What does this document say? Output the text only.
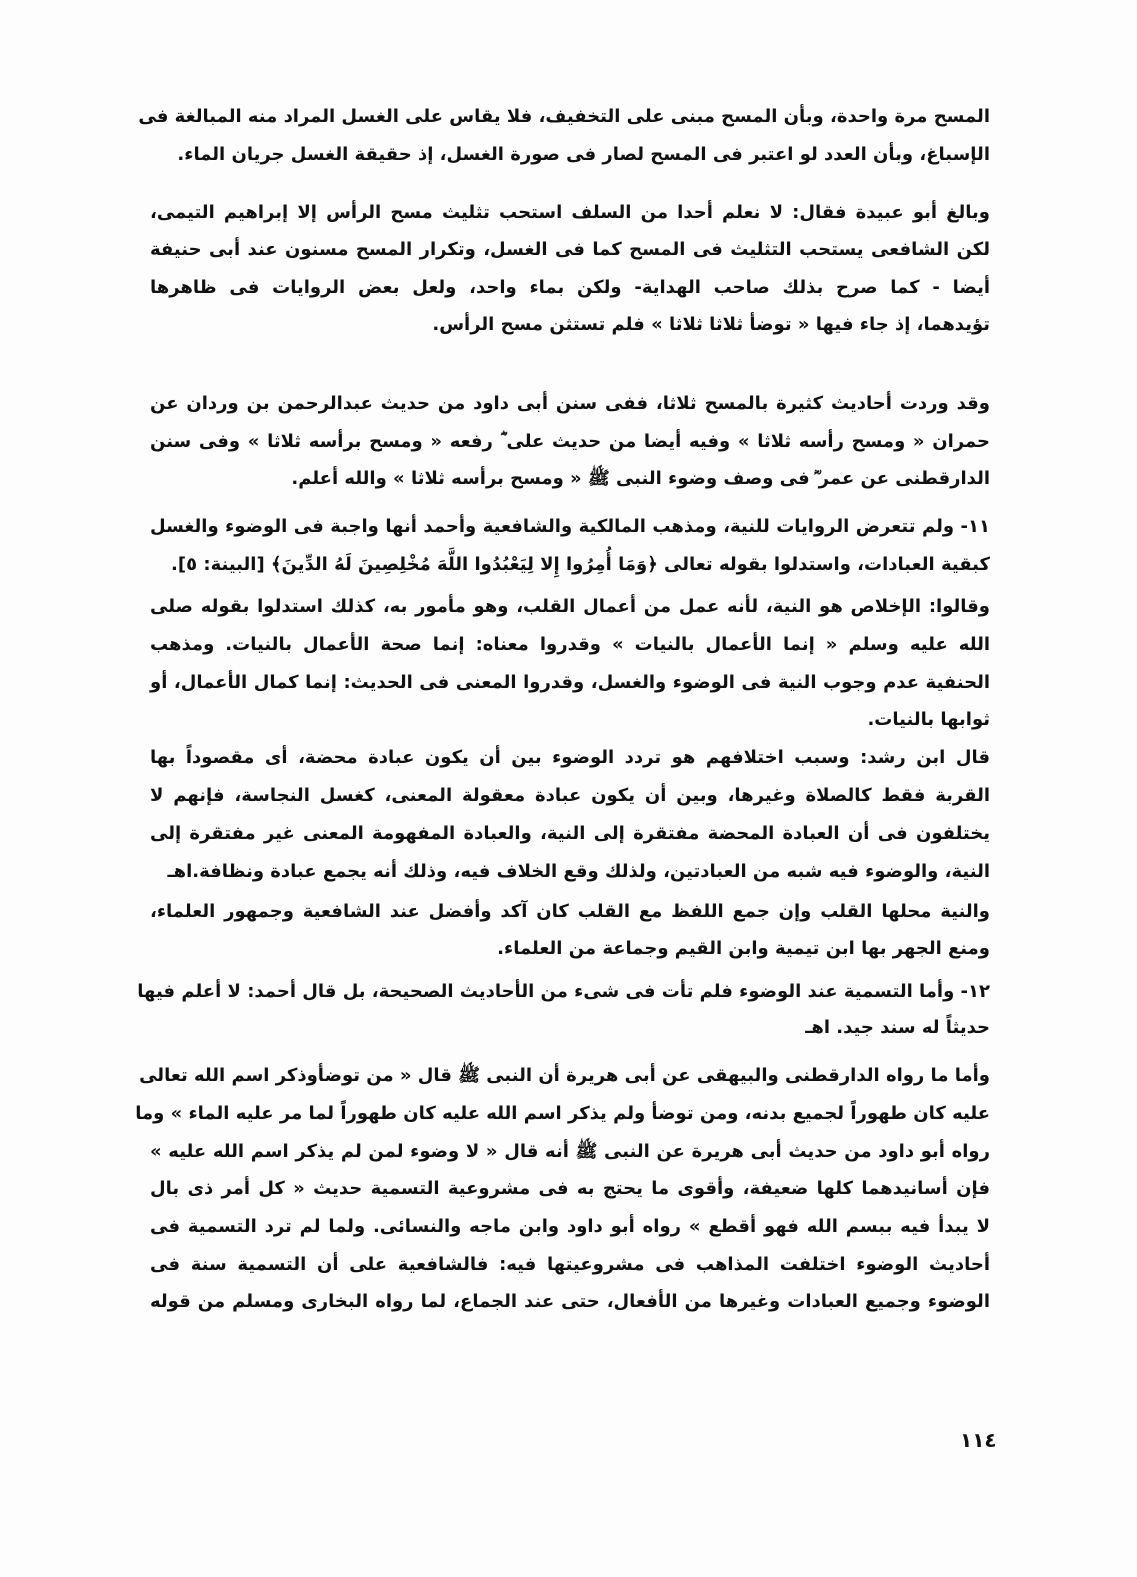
المسح مرة واحدة، وبأن المسح مبنى على التخفيف، فلا يقاس على الغسل المراد منه المبالغة فى
الإسباغ، وبأن العدد لو اعتبر فى المسح لصار فى صورة الغسل، إذ حقيقة الغسل جريان الماء.
وبالغ أبو عبيدة فقال: لا نعلم أحدا من السلف استحب تثليث مسح الرأس إلا إبراهيم التيمى،
لكن الشافعى يستحب التثليث فى المسح كما فى الغسل، وتكرار المسح مسنون عند أبى حنيفة
أيضا - كما صرح بذلك صاحب الهداية- ولكن بماء واحد، ولعل بعض الروايات فى ظاهرها
تؤيدهما، إذ جاء فيها « توضأ ثلاثا ثلاثا » فلم تستثن مسح الرأس.
وقد وردت أحاديث كثيرة بالمسح ثلاثا، ففى سنن أبى داود من حديث عبدالرحمن بن وردان عن
حمران « ومسح رأسه ثلاثا » وفيه أيضا من حديث على ؓ رفعه « ومسح برأسه ثلاثا » وفى سنن
الدارقطنى عن عمر ؓ فى وصف وضوء النبى ﷺ « ومسح برأسه ثلاثا » والله أعلم.
١١- ولم تتعرض الروايات للنية، ومذهب المالكية والشافعية وأحمد أنها واجبة فى الوضوء والغسل
كبقية العبادات، واستدلوا بقوله تعالى ﴿وَمَا أُمِرُوا إِلا لِيَعْبُدُوا اللَّهَ مُخْلِصِينَ لَهُ الدِّينَ﴾ [البينة: ٥].
وقالوا: الإخلاص هو النية، لأنه عمل من أعمال القلب، وهو مأمور به، كذلك استدلوا بقوله صلى
الله عليه وسلم « إنما الأعمال بالنيات » وقدروا معناه: إنما صحة الأعمال بالنيات. ومذهب
الحنفية عدم وجوب النية فى الوضوء والغسل، وقدروا المعنى فى الحديث: إنما كمال الأعمال، أو
ثوابها بالنيات.
قال ابن رشد: وسبب اختلافهم هو تردد الوضوء بين أن يكون عبادة محضة، أى مقصوداً بها
القربة فقط كالصلاة وغيرها، وبين أن يكون عبادة معقولة المعنى، كغسل النجاسة، فإنهم لا
يختلفون فى أن العبادة المحضة مفتقرة إلى النية، والعبادة المفهومة المعنى غير مفتقرة إلى
النية، والوضوء فيه شبه من العبادتين، ولذلك وقع الخلاف فيه، وذلك أنه يجمع عبادة ونظافة.اهـ
والنية محلها القلب وإن جمع اللفظ مع القلب كان آكد وأفضل عند الشافعية وجمهور العلماء،
ومنع الجهر بها ابن تيمية وابن القيم وجماعة من العلماء.
١٢- وأما التسمية عند الوضوء فلم تأت فى شىء من الأحاديث الصحيحة، بل قال أحمد: لا أعلم فيها
حديثاً له سند جيد. اهـ
وأما ما رواه الدارقطنى والبيهقى عن أبى هريرة أن النبى ﷺ قال « من توضأوذكر اسم الله تعالى
عليه كان طهوراً لجميع بدنه، ومن توضأ ولم يذكر اسم الله عليه كان طهوراً لما مر عليه الماء » وما
رواه أبو داود من حديث أبى هريرة عن النبى ﷺ أنه قال « لا وضوء لمن لم يذكر اسم الله عليه »
فإن أسانيدهما كلها ضعيفة، وأقوى ما يحتج به فى مشروعية التسمية حديث « كل أمر ذى بال
لا يبدأ فيه ببسم الله فهو أقطع » رواه أبو داود وابن ماجه والنسائى. ولما لم ترد التسمية فى
أحاديث الوضوء اختلفت المذاهب فى مشروعيتها فيه: فالشافعية على أن التسمية سنة فى
الوضوء وجميع العبادات وغيرها من الأفعال، حتى عند الجماع، لما رواه البخارى ومسلم من قوله
١١٤
